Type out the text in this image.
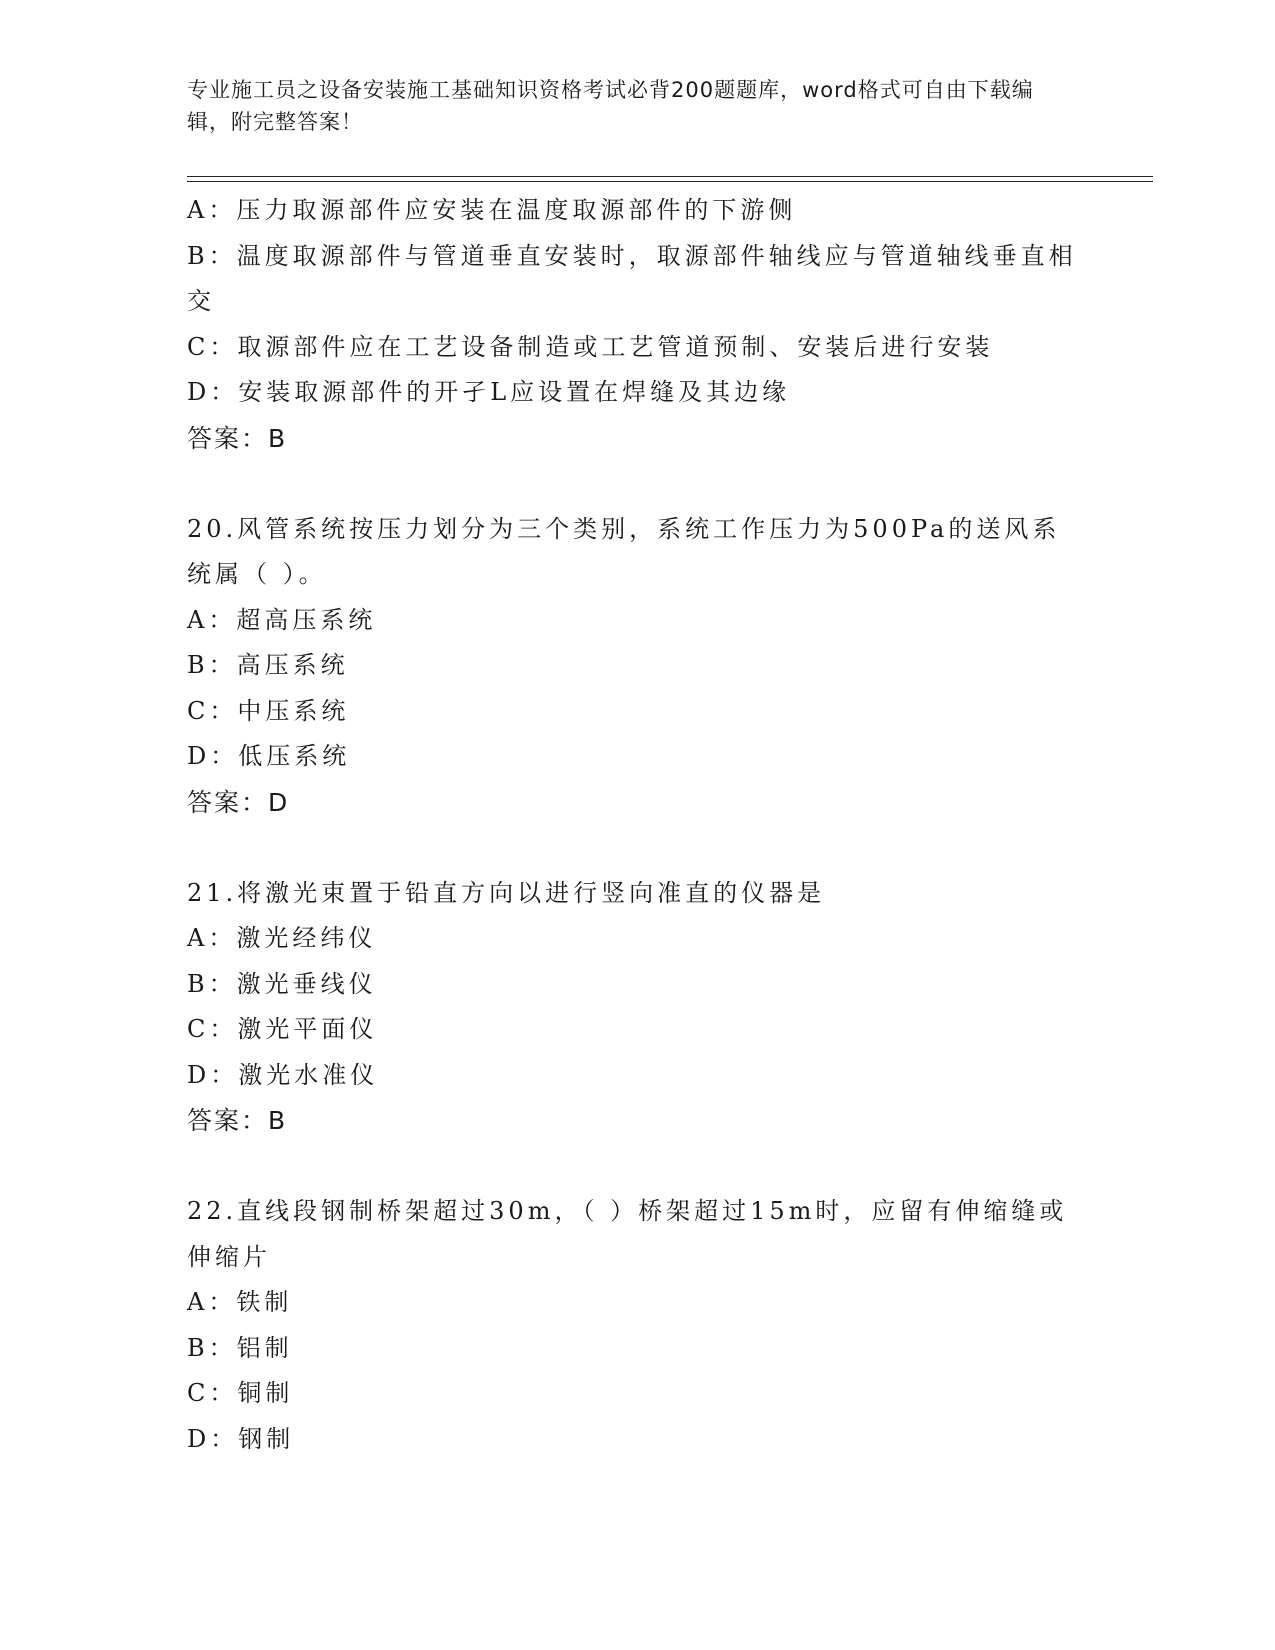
专业施工员之设备安装施工基础知识资格考试必背200题题库，word格式可自由下载编辑，附完整答案！
A：压力取源部件应安装在温度取源部件的下游侧
B：温度取源部件与管道垂直安装时，取源部件轴线应与管道轴线垂直相交
C：取源部件应在工艺设备制造或工艺管道预制、安装后进行安装
D：安装取源部件的开孑L应设置在焊缝及其边缘
答案：B
20.风管系统按压力划分为三个类别，系统工作压力为500Pa的送风系统属（ ）。
A：超高压系统
B：高压系统
C：中压系统
D：低压系统
答案：D
21.将激光束置于铅直方向以进行竖向准直的仪器是
A：激光经纬仪
B：激光垂线仪
C：激光平面仪
D：激光水准仪
答案：B
22.直线段钢制桥架超过30m，（ ）桥架超过15m时，应留有伸缩缝或伸缩片
A：铁制
B：铝制
C：铜制
D：钢制
